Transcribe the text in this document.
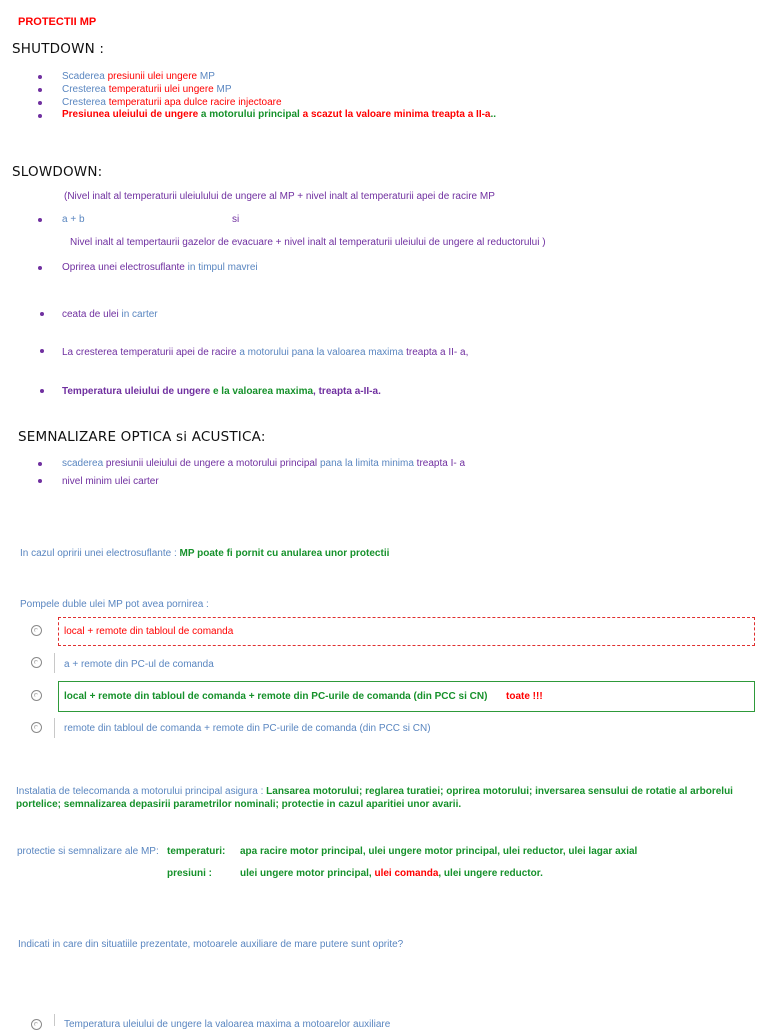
PROTECTII MP
SHUTDOWN :
Scaderea presiunii ulei ungere MP
Cresterea temperaturii ulei ungere MP
Cresterea temperaturii apa dulce racire injectoare
Presiunea uleiului de ungere a motorului principal a scazut la valoare minima treapta a II-a..
SLOWDOWN:
(Nivel inalt al temperaturii uleiulului de ungere al MP + nivel inalt al temperaturii apei de racire MP
a + b	si
Nivel inalt al tempertaurii gazelor de evacuare + nivel inalt al temperaturii uleiului de ungere al reductorului )
Oprirea unei electrosuflante in timpul mavrei
ceata de ulei in carter
La cresterea temperaturii apei de racire a motorului pana la valoarea maxima treapta a II- a,
Temperatura uleiului de ungere e la valoarea maxima, treapta a-II-a.
SEMNALIZARE OPTICA si ACUSTICA:
scaderea presiunii uleiului de ungere a motorului principal pana la limita minima treapta I- a
nivel minim ulei carter
In cazul opririi unei electrosuflante : MP poate fi pornit cu anularea unor protectii
Pompele duble ulei MP pot avea pornirea :
local + remote din tabloul de comanda
a + remote din PC-ul de comanda
local + remote din tabloul de comanda + remote din PC-urile de comanda (din PCC si CN) toate !!!
remote din tabloul de comanda + remote din PC-urile de comanda (din PCC si CN)
Instalatia de telecomanda a motorului principal asigura : Lansarea motorului; reglarea turatiei; oprirea motorului; inversarea sensului de rotatie al arborelui
portelice; semnalizarea depasirii parametrilor nominali; protectie in cazul aparitiei unor avarii.
protectie si semnalizare ale MP: temperaturi: apa racire motor principal, ulei ungere motor principal, ulei reductor, ulei lagar axial
presiuni :	ulei ungere motor principal, ulei comanda, ulei ungere reductor.
Indicati in care din situatiile prezentate, motoarele auxiliare de mare putere sunt oprite?
Temperatura uleiului de ungere la valoarea maxima a motoarelor auxiliare
